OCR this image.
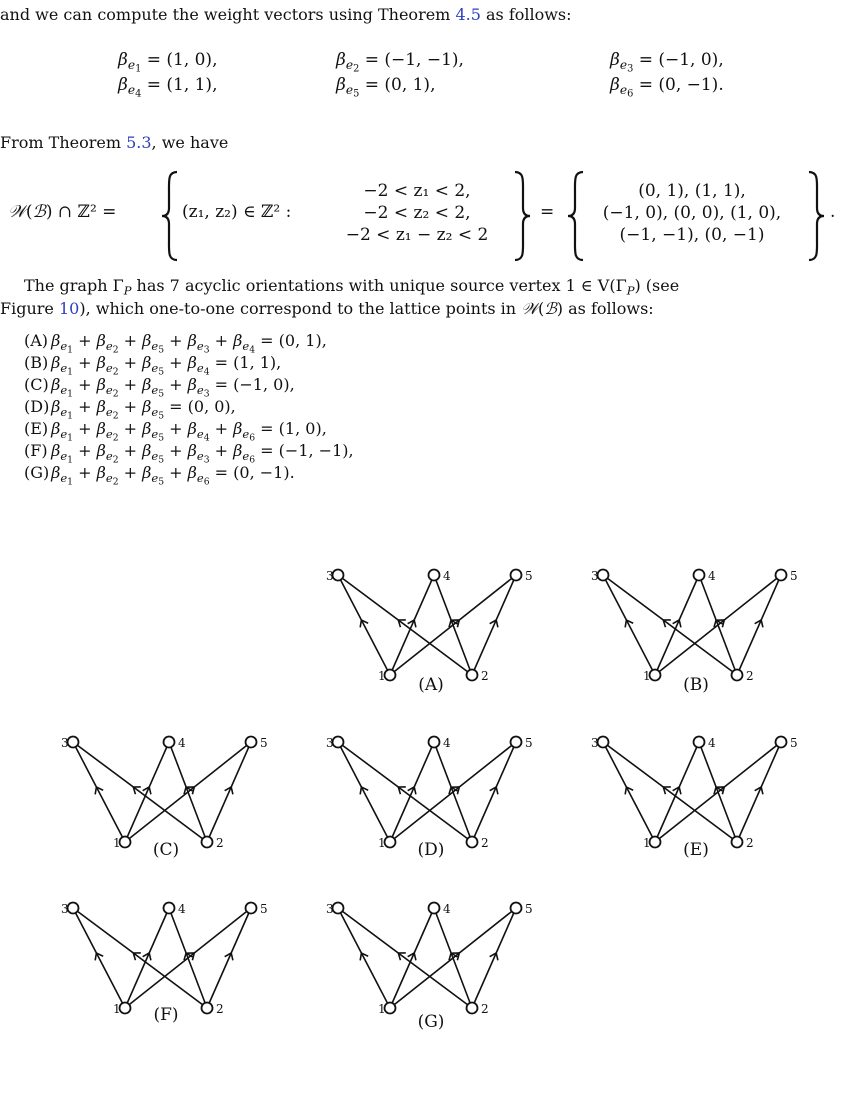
and we can compute the weight vectors using Theorem 4.5 as follows:
$\beta_{e_1} = (1$, 0),	$\beta_{e_2} = (-1$, −1),	$\beta_{e_3} = (-1$, 0),
$\beta_{e_4} = (1$, 1),	$\beta_{e_5} = (0$, 1),	$\beta_{e_6} = (0$, −1).
From Theorem 5.3, we have
𝒲(ℬ) ∩ ℤ² =	(z₁, z₂) ∈ ℤ² :
−2 < z₁ < 2,
−2 < z₂ < 2,
−2 < z₁ − z₂ < 2
=
(0, 1), (1, 1),
(−1, 0), (0, 0), (1, 0),
(−1, −1), (0, −1)
.
The graph $\Gamma_P$ has 7 acyclic orientations with unique source vertex 1 ∈ $V(\Gamma_P)$ (see
Figure 10), which one-to-one correspond to the lattice points in 𝒲(ℬ) as follows:
(A) $\beta_{e_1} + \beta_{e_2} + \beta_{e_5} + \beta_{e_3} + \beta_{e_4} = (0$, 1),
(B) $\beta_{e_1} + \beta_{e_2} + \beta_{e_5} + \beta_{e_4} = (1$, 1),
(C) $\beta_{e_1} + \beta_{e_2} + \beta_{e_5} + \beta_{e_3} = (-1$, 0),
(D) $\beta_{e_1} + \beta_{e_2} + \beta_{e_5} = (0$, 0),
(E) $\beta_{e_1} + \beta_{e_2} + \beta_{e_5} + \beta_{e_4} + \beta_{e_6} = (1$, 0),
(F) $\beta_{e_1} + \beta_{e_2} + \beta_{e_5} + \beta_{e_3} + \beta_{e_6} = (-1$, −1),
(G) $\beta_{e_1} + \beta_{e_2} + \beta_{e_5} + \beta_{e_6} = (0$, −1).
1	2
3	4	5
(A)	1	2
3	4	5
(B)
1	2
3	4	5
(C)	1	2
3	4	5
(D)	1	2
3	4	5
(E)
1	2
3	4	5
(F)	1	2
3	4	5
(G)
